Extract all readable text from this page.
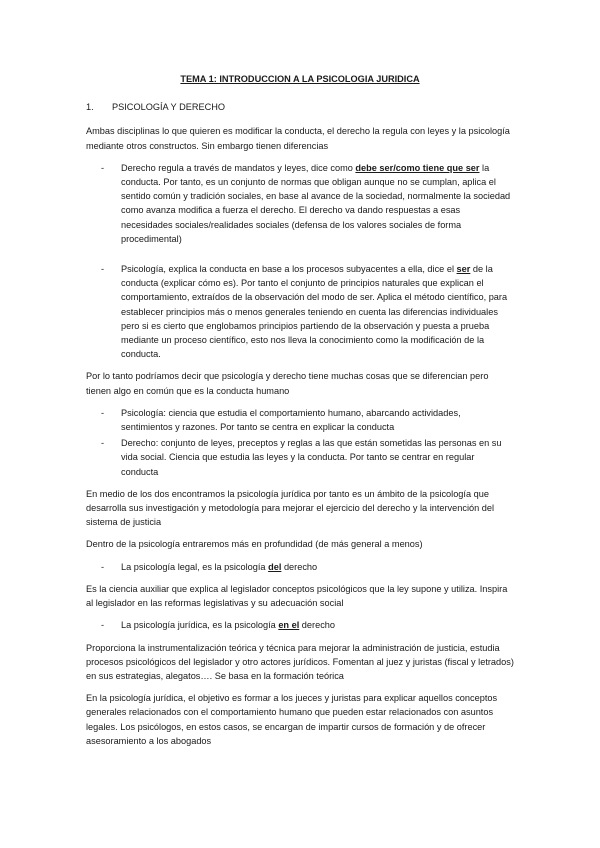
TEMA 1: INTRODUCCION A LA PSICOLOGIA JURIDICA
1. PSICOLOGÍA Y DERECHO

Ambas disciplinas lo que quieren es modificar la conducta, el derecho la regula con leyes y la psicología mediante otros constructos. Sin embargo tienen diferencias

- Derecho regula a través de mandatos y leyes, dice como debe ser/como tiene que ser la conducta. Por tanto, es un conjunto de normas que obligan aunque no se cumplan, aplica el sentido común y tradición sociales, en base al avance de la sociedad, normalmente la sociedad como avanza modifica a fuerza el derecho. El derecho va dando respuestas a esas necesidades sociales/realidades sociales (defensa de los valores sociales de forma procedimental)
- Psicología, explica la conducta en base a los procesos subyacentes a ella, dice el ser de la conducta (explicar cómo es). Por tanto el conjunto de principios naturales que explican el comportamiento, extraídos de la observación del modo de ser. Aplica el método científico, para establecer principios más o menos generales teniendo en cuenta las diferencias individuales pero si es cierto que englobamos principios partiendo de la observación y puesta a prueba mediante un proceso científico, esto nos lleva la conocimiento como la modificación de la conducta.

Por lo tanto podríamos decir que psicología y derecho tiene muchas cosas que se diferencian pero tienen algo en común que es la conducta humano

- Psicología: ciencia que estudia el comportamiento humano, abarcando actividades, sentimientos y razones. Por tanto se centra en explicar la conducta
- Derecho: conjunto de leyes, preceptos y reglas a las que están sometidas las personas en su vida social. Ciencia que estudia las leyes y la conducta. Por tanto se centrar en regular conducta

En medio de los dos encontramos la psicología jurídica por tanto es un ámbito de la psicología que desarrolla sus investigación y metodología para mejorar el ejercicio del derecho y la intervención del sistema de justicia

Dentro de la psicología entraremos más en profundidad (de más general a menos)

- La psicología legal, es la psicología del derecho

Es la ciencia auxiliar que explica al legislador conceptos psicológicos que la ley supone y utiliza. Inspira al legislador en las reformas legislativas y su adecuación social

- La psicología jurídica, es la psicología en el derecho

Proporciona la instrumentalización teórica y técnica para mejorar la administración de justicia, estudia procesos psicológicos del legislador y otro actores jurídicos. Fomentan al juez y juristas (fiscal y letrados) en sus estrategias, alegatos…. Se basa en la formación teórica

En la psicología jurídica, el objetivo es formar a los jueces y juristas para explicar aquellos conceptos generales relacionados con el comportamiento humano que pueden estar relacionados con asuntos legales. Los psicólogos, en estos casos, se encargan de impartir cursos de formación y de ofrecer asesoramiento a los abogados
